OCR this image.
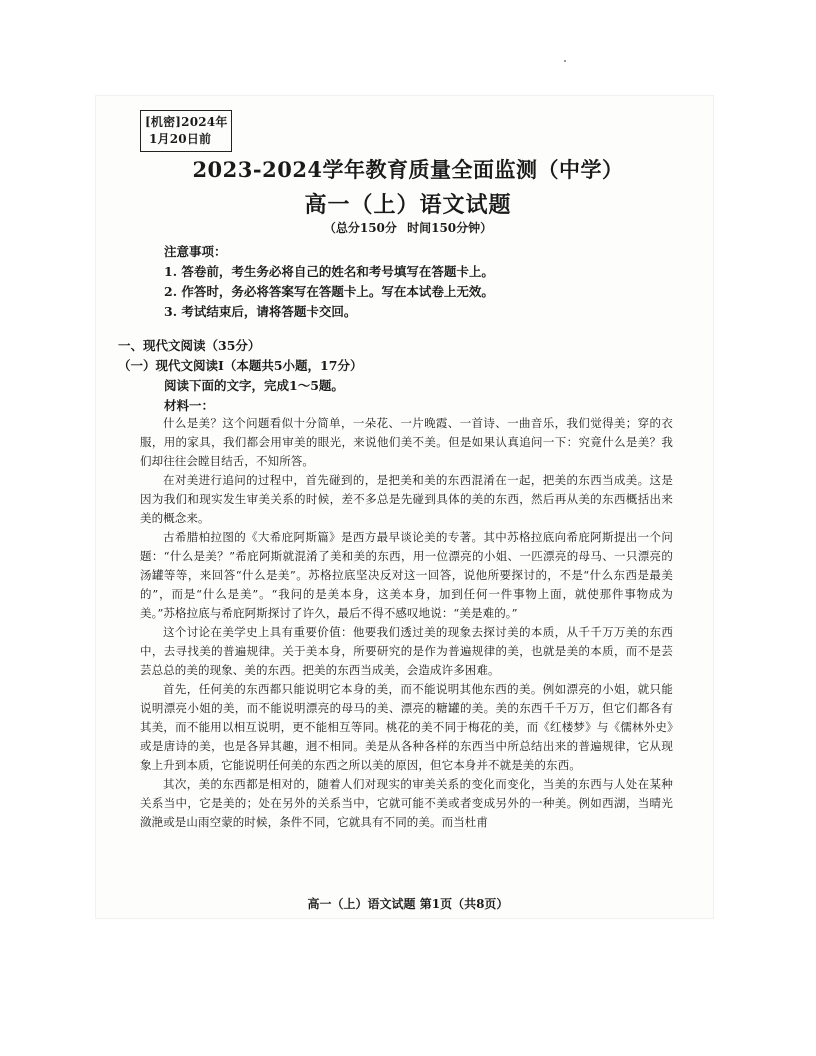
[机密]2024年
1月20日前
2023-2024学年教育质量全面监测（中学）
高一（上）语文试题
（总分150分 时间150分钟）
注意事项：
1. 答卷前，考生务必将自己的姓名和考号填写在答题卡上。
2. 作答时，务必将答案写在答题卡上。写在本试卷上无效。
3. 考试结束后，请将答题卡交回。
一、现代文阅读（35分）
（一）现代文阅读Ⅰ（本题共5小题，17分）
阅读下面的文字，完成1～5题。
材料一：

什么是美？这个问题看似十分简单，一朵花、一片晚霞、一首诗、一曲音乐，我们觉得美；穿的衣服，用的家具，我们都会用审美的眼光，来说他们美不美。但是如果认真追问一下：究竟什么是美？我们却往往会瞠目结舌，不知所答。

在对美进行追问的过程中，首先碰到的，是把美和美的东西混淆在一起，把美的东西当成美。这是因为我们和现实发生审美关系的时候，差不多总是先碰到具体的美的东西，然后再从美的东西概括出来美的概念来。

古希腊柏拉图的《大希庇阿斯篇》是西方最早谈论美的专著。其中苏格拉底向希庇阿斯提出一个问题：“什么是美？”希庇阿斯就混淆了美和美的东西，用一位漂亮的小姐、一匹漂亮的母马、一只漂亮的汤罐等等，来回答“什么是美”。苏格拉底坚决反对这一回答，说他所要探讨的，不是“什么东西是最美的”，而是“什么是美”。“我问的是美本身，这美本身，加到任何一件事物上面，就使那件事物成为美。”苏格拉底与希庇阿斯探讨了许久，最后不得不感叹地说：“美是难的。”

这个讨论在美学史上具有重要价值：他要我们透过美的现象去探讨美的本质，从千千万万美的东西中，去寻找美的普遍规律。关于美本身，所要研究的是作为普遍规律的美，也就是美的本质，而不是芸芸总总的美的现象、美的东西。把美的东西当成美，会造成许多困难。

首先，任何美的东西都只能说明它本身的美，而不能说明其他东西的美。例如漂亮的小姐，就只能说明漂亮小姐的美，而不能说明漂亮的母马的美、漂亮的糖罐的美。美的东西千千万万，但它们都各有其美，而不能用以相互说明，更不能相互等同。桃花的美不同于梅花的美，而《红楼梦》与《儒林外史》或是唐诗的美，也是各异其趣，迥不相同。美是从各种各样的东西当中所总结出来的普遍规律，它从现象上升到本质，它能说明任何美的东西之所以美的原因，但它本身并不就是美的东西。

其次，美的东西都是相对的，随着人们对现实的审美关系的变化而变化，当美的东西与人处在某种关系当中，它是美的；处在另外的关系当中，它就可能不美或者变成另外的一种美。例如西湖，当晴光潋滟或是山雨空蒙的时候，条件不同，它就具有不同的美。而当杜甫

高一（上）语文试题 第1页（共8页）
